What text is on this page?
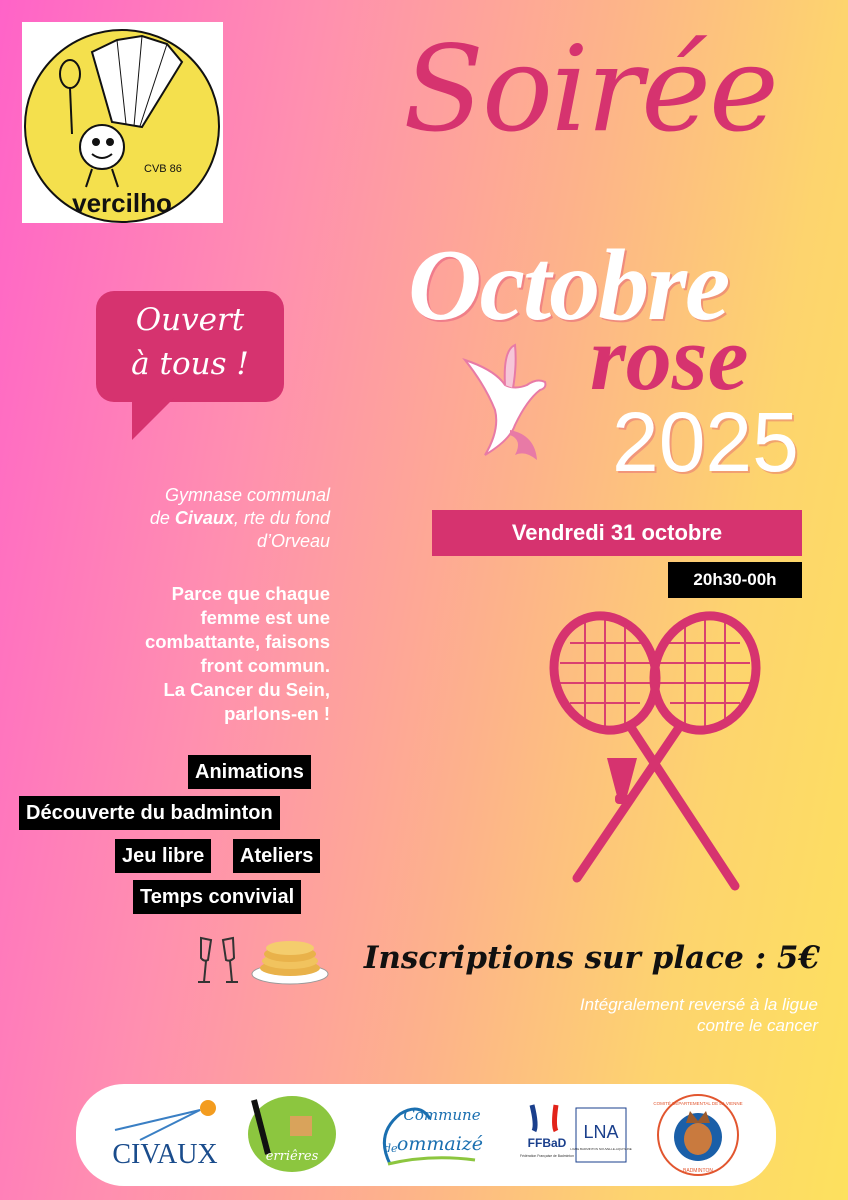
CVB 86
vercilho
Soirée
Octobre
rose
2025
Ouvert
à tous !
Gymnase communal
de Civaux, rte du fond
d’Orveau
Parce que chaque
femme est une
combattante, faisons
front commun.
La Cancer du Sein,
parlons-en !
Vendredi 31 octobre
20h30-00h
Animations
Découverte du badminton
Jeu libre	Ateliers
Temps convivial
Inscriptions sur place : 5€
Intégralement reversé à la ligue
contre le cancer
CIVAUX	erriêres
Commune
de ommaizé	FFBaD
Fédération Française de Badminton
LNA
LIGUE BADMINTON NOUVELLE-AQUITAINE
COMITÉ DÉPARTEMENTAL DE LA VIENNE
BADMINTON
